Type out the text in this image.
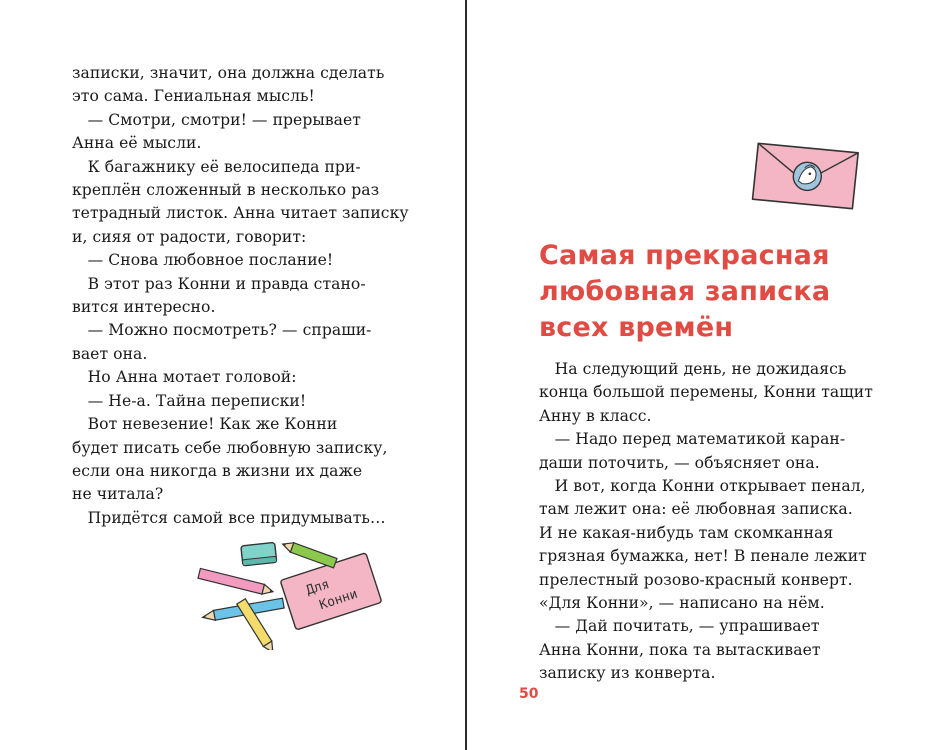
записки, значит, она должна сделать
это сама. Гениальная мысль!
 — Смотри, смотри! — прерывает
Анна её мысли.
 К багажнику её велосипеда при-
креплён сложенный в несколько раз
тетрадный листок. Анна читает записку
и, сияя от радости, говорит:
 — Снова любовное послание!
 В этот раз Конни и правда стано-
вится интересно.
 — Можно посмотреть? — спраши-
вает она.
 Но Анна мотает головой:
 — Не-а. Тайна переписки!
 Вот невезение! Как же Конни
будет писать себе любовную записку,
если она никогда в жизни их даже
не читала?
 Придётся самой все придумывать…
Для
Конни
Самая прекрасная
любовная записка
всех времён
 На следующий день, не дожидаясь
конца большой перемены, Конни тащит
Анну в класс.
 — Надо перед математикой каран-
даши поточить, — объясняет она.
 И вот, когда Конни открывает пенал,
там лежит она: её любовная записка.
И не какая-нибудь там скомканная
грязная бумажка, нет! В пенале лежит
прелестный розово-красный конверт.
«Для Конни», — написано на нём.
 — Дай почитать, — упрашивает
Анна Конни, пока та вытаскивает
записку из конверта.
50
